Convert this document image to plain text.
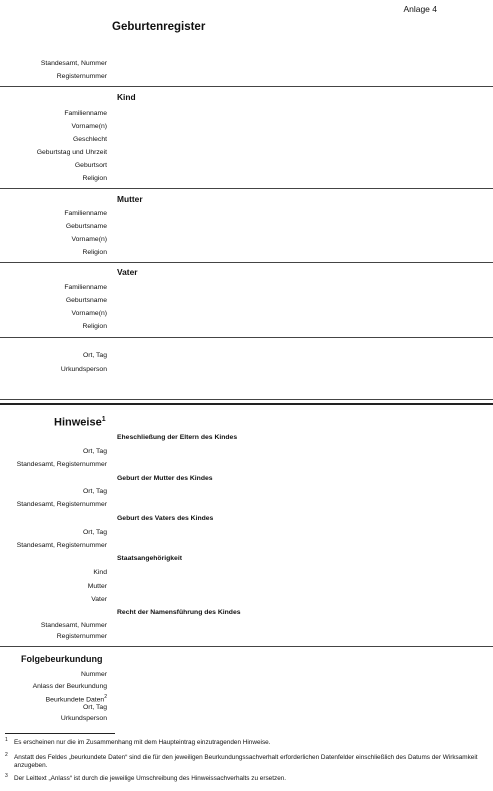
Anlage 4
Geburtenregister
Standesamt, Nummer
Registernummer
Kind
Familienname
Vorname(n)
Geschlecht
Geburtstag und Uhrzeit
Geburtsort
Religion
Mutter
Familienname
Geburtsname
Vorname(n)
Religion
Vater
Familienname
Geburtsname
Vorname(n)
Religion
Ort, Tag
Urkundsperson
Hinweise$^1$
Eheschließung der Eltern des Kindes
Ort, Tag
Standesamt, Registernummer
Geburt der Mutter des Kindes
Ort, Tag
Standesamt, Registernummer
Geburt des Vaters des Kindes
Ort, Tag
Standesamt, Registernummer
Staatsangehörigkeit
Kind
Mutter
Vater
Recht der Namensführung des Kindes
Standesamt, Nummer
Registernummer
Folgebeurkundung
Nummer
Anlass der Beurkundung
Beurkundete Daten$^2$
Ort, Tag
Urkundsperson
1 Es erscheinen nur die im Zusammenhang mit dem Haupteintrag einzutragenden Hinweise.
2 Anstatt des Feldes „beurkundete Daten“ sind die für den jeweiligen Beurkundungssachverhalt erforderlichen Datenfelder einschließlich des Datums der Wirksamkeit anzugeben.
3 Der Leittext „Anlass“ ist durch die jeweilige Umschreibung des Hinweissachverhalts zu ersetzen.
